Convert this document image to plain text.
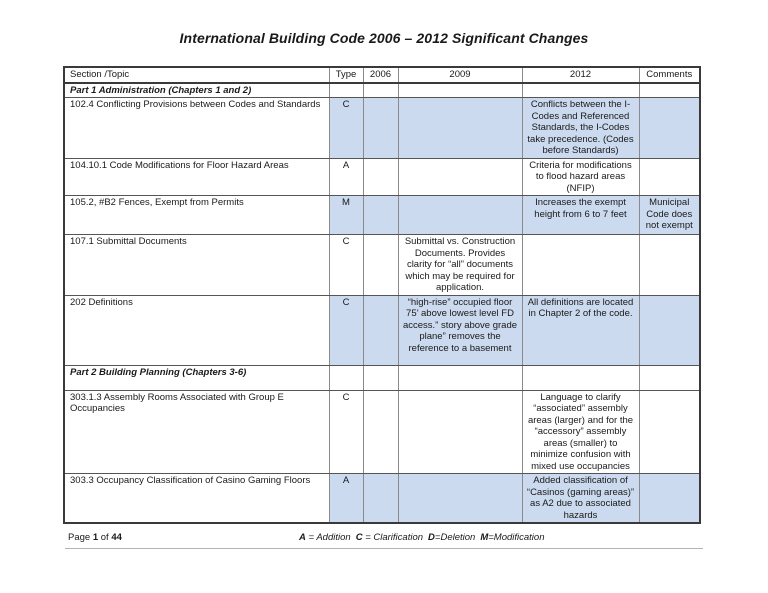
International Building Code 2006 – 2012 Significant Changes
Section /Topic	Type	2006	2009	2012	Comments
Part 1 Administration (Chapters 1 and 2)					
102.4 Conflicting Provisions between Codes and Standards	C			Conflicts between the I-Codes and Referenced Standards, the I-Codes take precedence. (Codes before Standards)	
104.10.1 Code Modifications for Floor Hazard Areas	A			Criteria for modifications to flood hazard areas (NFIP)	
105.2, #B2 Fences, Exempt from Permits	M			Increases the exempt height from 6 to 7 feet	Municipal Code does not exempt
107.1 Submittal Documents	C		Submittal vs. Construction Documents. Provides clarity for “all” documents which may be required for application.		
202 Definitions	C		“high-rise” occupied floor 75’ above lowest level FD access.” story above grade plane” removes the reference to a basement	All definitions are located in Chapter 2 of the code.	
Part 2 Building Planning (Chapters 3-6)					
303.1.3 Assembly Rooms Associated with Group E Occupancies	C			Language to clarify “associated” assembly areas (larger) and for the “accessory” assembly areas (smaller) to minimize confusion with mixed use occupancies	
303.3 Occupancy Classification of Casino Gaming Floors	A			Added classification of “Casinos (gaming areas)” as A2 due to associated hazards	
Page 1 of 44	A = Addition C = Clarification D=Deletion M=Modification
